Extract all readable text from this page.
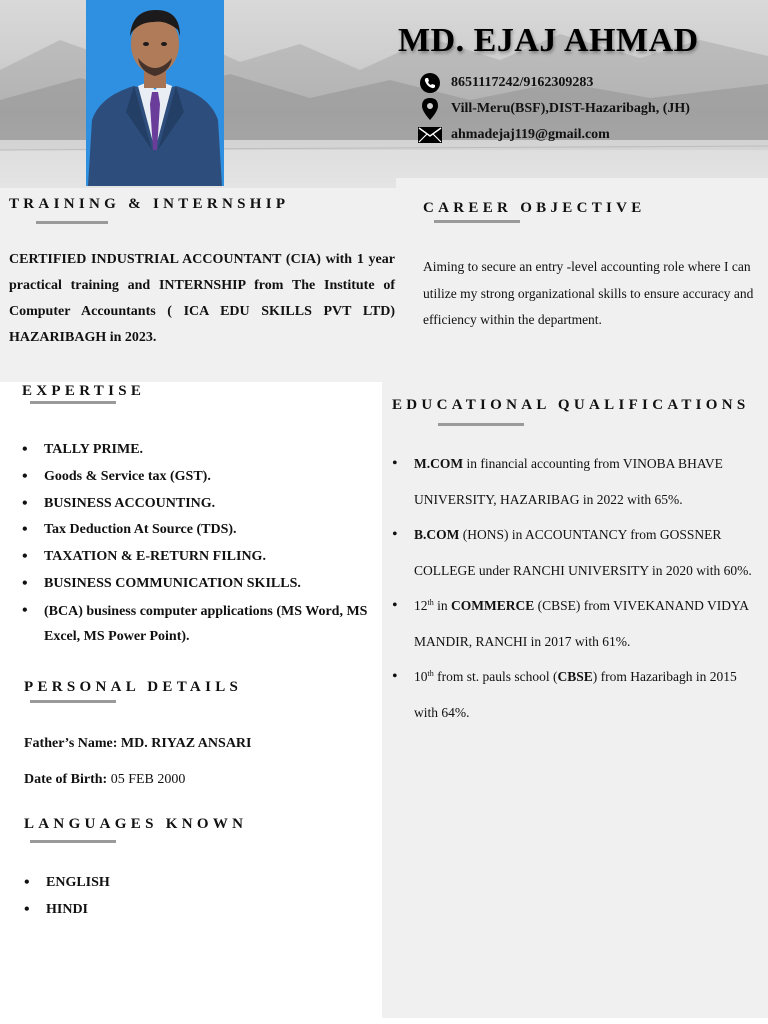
MD. EJAJ AHMAD
8651117242/9162309283
Vill-Meru(BSF),DIST-Hazaribagh, (JH)
ahmadejaj119@gmail.com
TRAINING & INTERNSHIP
CERTIFIED INDUSTRIAL ACCOUNTANT (CIA) with 1 year practical training and INTERNSHIP from The Institute of Computer Accountants ( ICA EDU SKILLS PVT LTD) HAZARIBAGH in 2023.
CAREER OBJECTIVE
Aiming to secure an entry -level accounting role where I can utilize my strong organizational skills to ensure accuracy and efficiency within the department.
EXPERTISE
• TALLY PRIME.
• Goods & Service tax (GST).
• BUSINESS ACCOUNTING.
• Tax Deduction At Source (TDS).
• TAXATION & E-RETURN FILING.
• BUSINESS COMMUNICATION SKILLS.
• (BCA) business computer applications (MS Word, MS Excel, MS Power Point).
EDUCATIONAL QUALIFICATIONS
• M.COM in financial accounting from VINOBA BHAVE UNIVERSITY, HAZARIBAG in 2022 with 65%.
• B.COM (HONS) in ACCOUNTANCY from GOSSNER COLLEGE under RANCHI UNIVERSITY in 2020 with 60%.
• 12th in COMMERCE (CBSE) from VIVEKANAND VIDYA MANDIR, RANCHI in 2017 with 61%.
• 10th from st. pauls school (CBSE) from Hazaribagh in 2015 with 64%.
PERSONAL DETAILS
Father’s Name: MD. RIYAZ ANSARI
Date of Birth: 05 FEB 2000
LANGUAGES KNOWN
• ENGLISH
• HINDI
